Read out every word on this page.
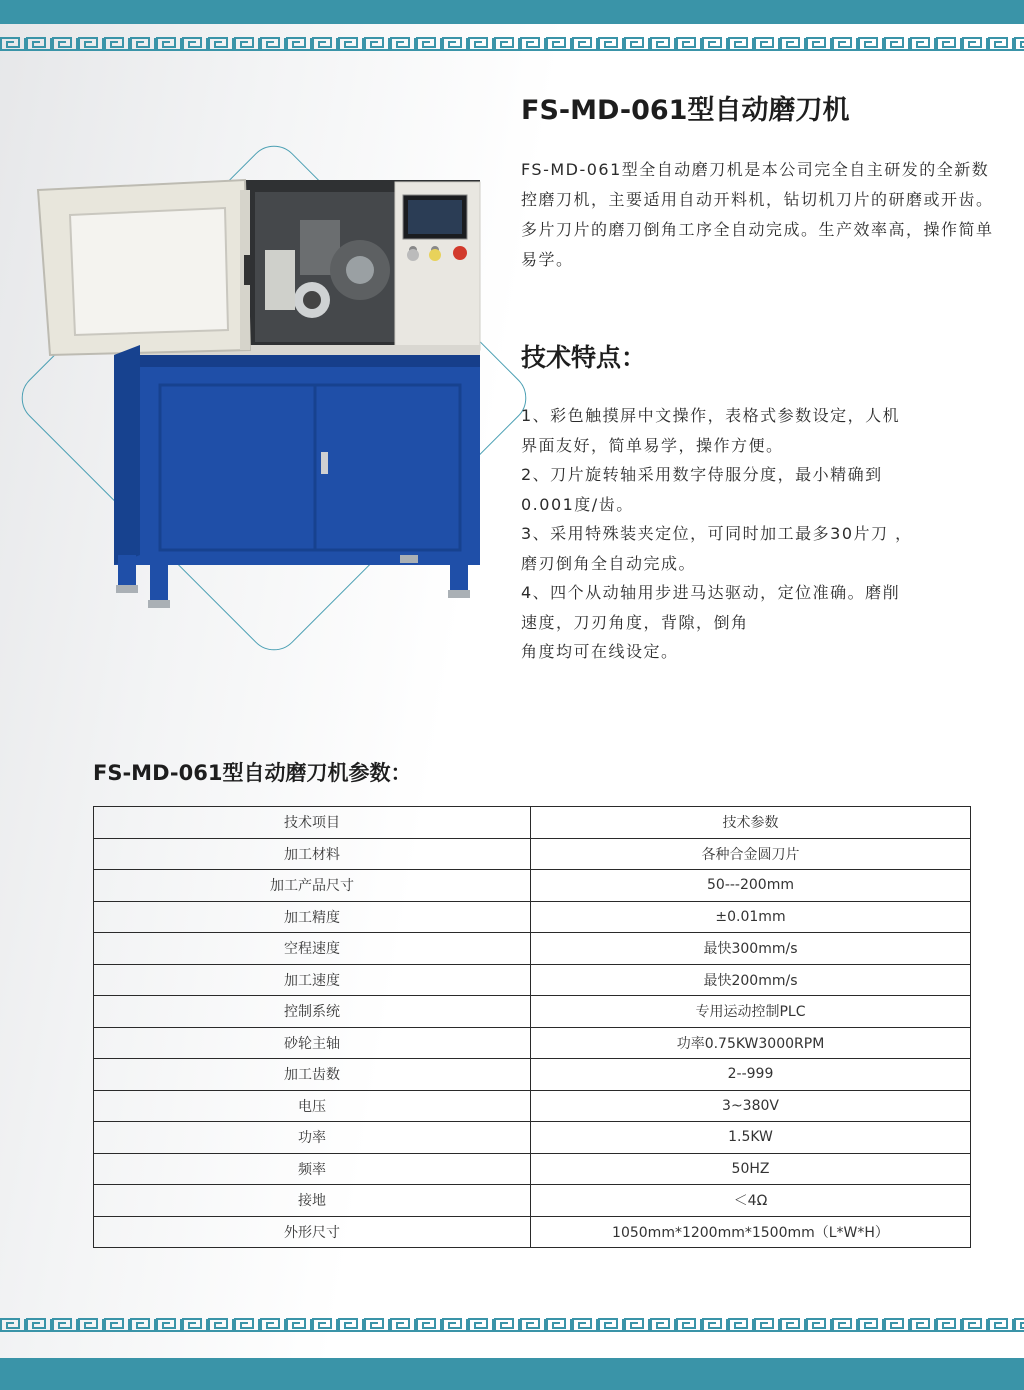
FS-MD-061型自动磨刀机

FS-MD-061型全自动磨刀机是本公司完全自主研发的全新数控磨刀机，主要适用自动开料机，钻切机刀片的研磨或开齿。多片刀片的磨刀倒角工序全自动完成。生产效率高，操作简单易学。

技术特点：
1、彩色触摸屏中文操作，表格式参数设定，人机
界面友好，简单易学，操作方便。
2、刀片旋转轴采用数字侍服分度，最小精确到
0.001度/齿。
3、采用特殊装夹定位，可同时加工最多30片刀 ，
磨刃倒角全自动完成。
4、四个从动轴用步进马达驱动，定位准确。磨削
速度，刀刃角度，背隙，倒角
角度均可在线设定。
FS-MD-061型自动磨刀机参数：
技术项目	技术参数
加工材料	各种合金圆刀片
加工产品尺寸	50---200mm
加工精度	±0.01mm
空程速度	最快300mm/s
加工速度	最快200mm/s
控制系统	专用运动控制PLC
砂轮主轴	功率0.75KW3000RPM
加工齿数	2--999
电压	3~380V
功率	1.5KW
频率	50HZ
接地	＜4Ω
外形尺寸	1050mm*1200mm*1500mm（L*W*H）
